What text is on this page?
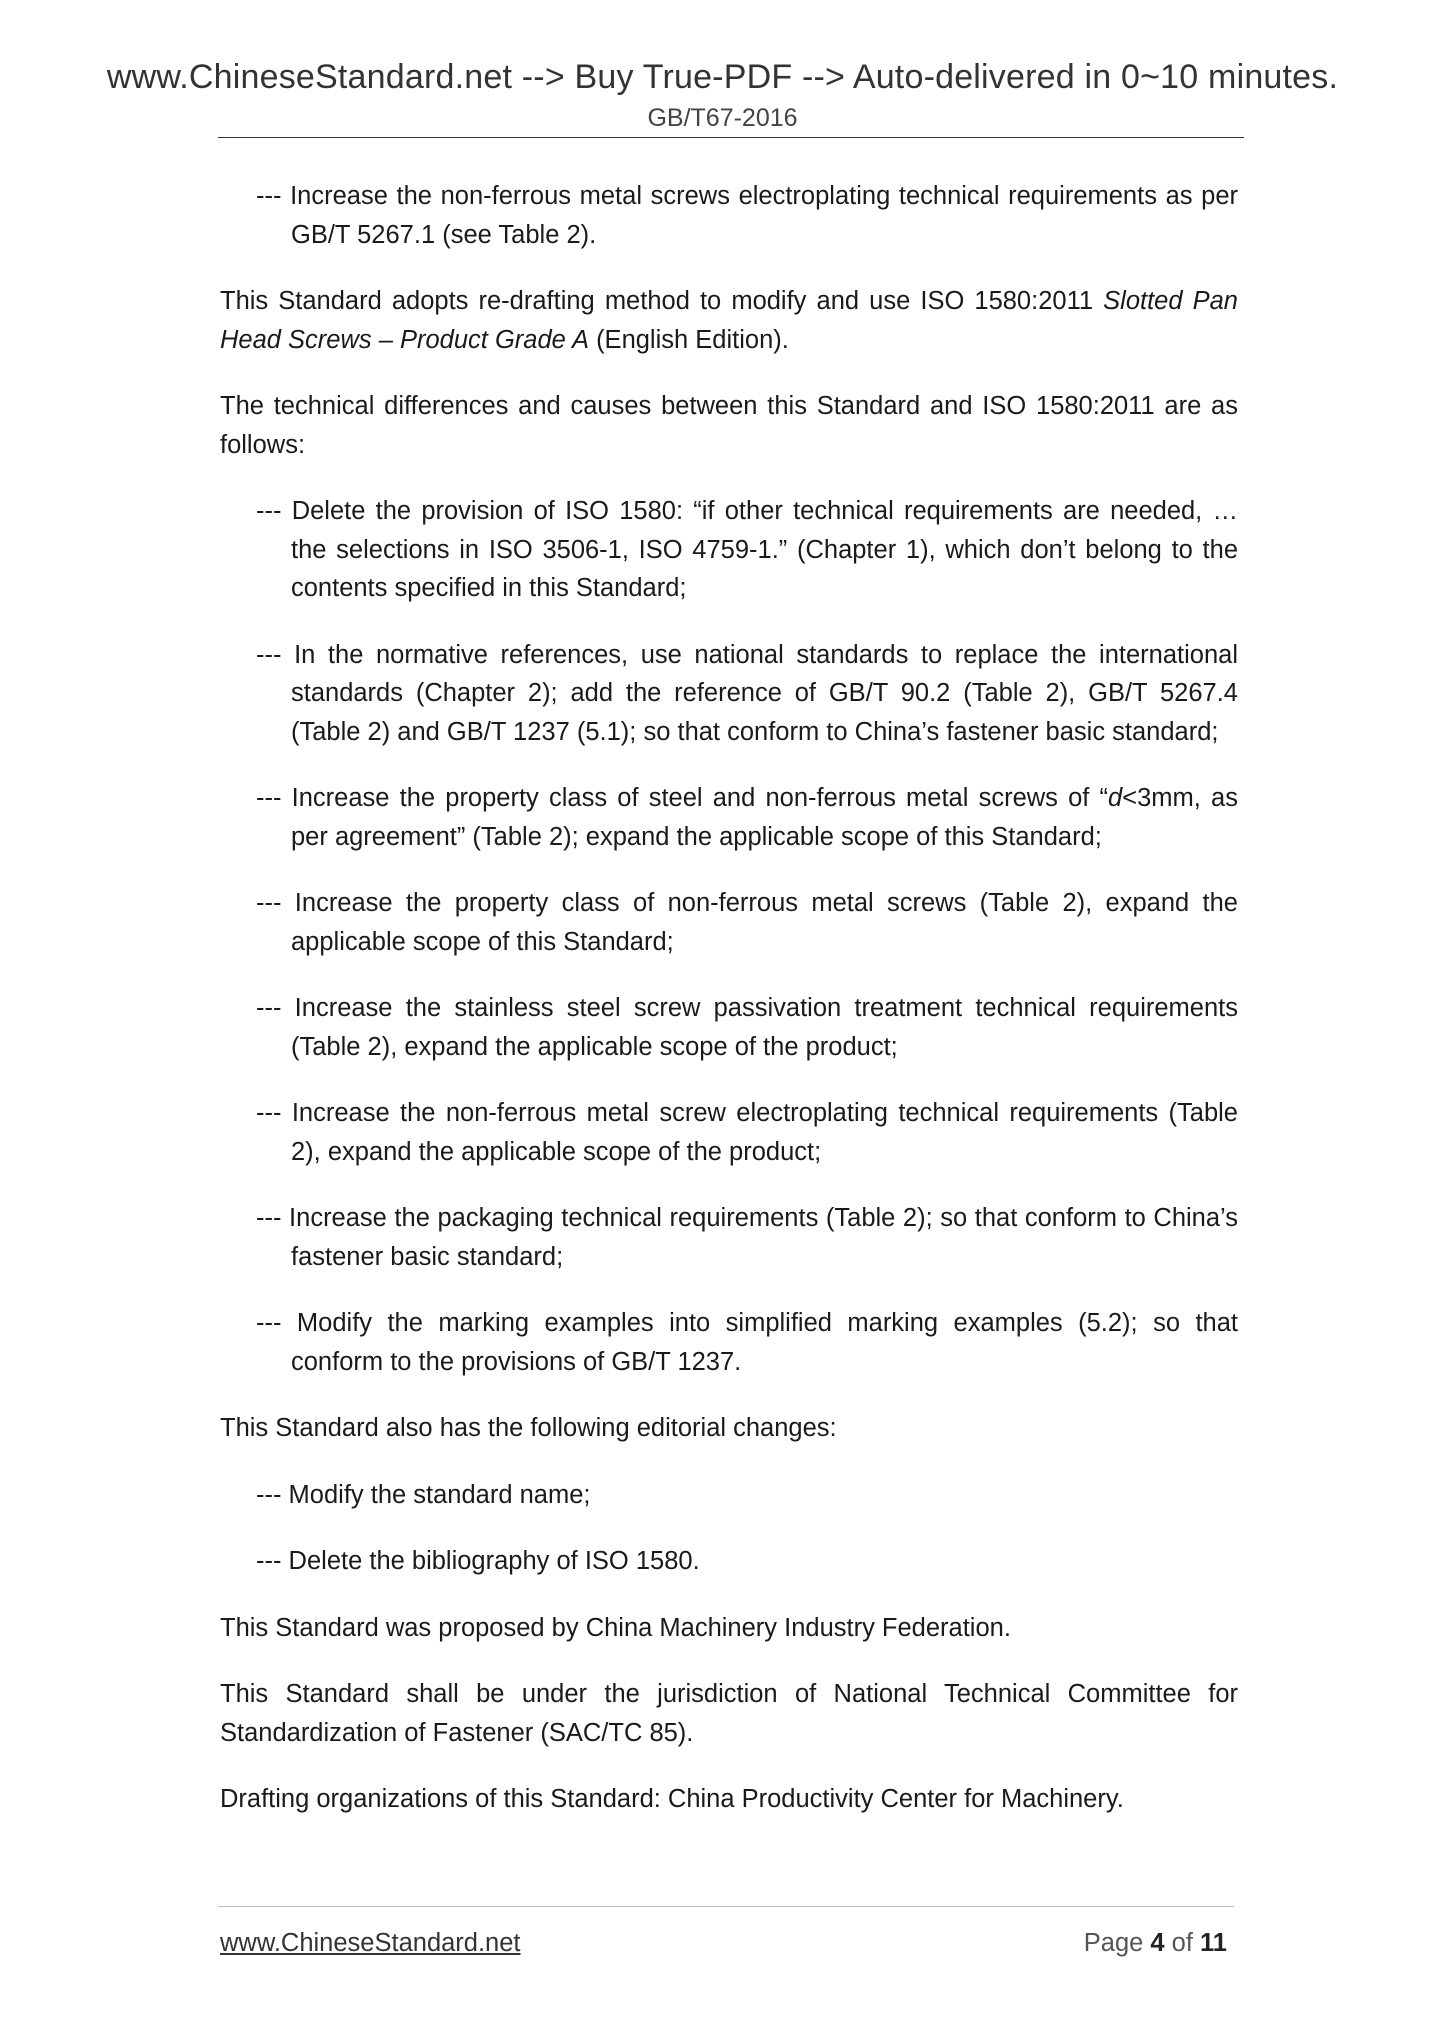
www.ChineseStandard.net --> Buy True-PDF --> Auto-delivered in 0~10 minutes.
GB/T67-2016

--- Increase the non-ferrous metal screws electroplating technical requirements as per GB/T 5267.1 (see Table 2).

This Standard adopts re-drafting method to modify and use ISO 1580:2011 Slotted Pan Head Screws – Product Grade A (English Edition).

The technical differences and causes between this Standard and ISO 1580:2011 are as follows:

--- Delete the provision of ISO 1580: “if other technical requirements are needed, … the selections in ISO 3506-1, ISO 4759-1.” (Chapter 1), which don’t belong to the contents specified in this Standard;

--- In the normative references, use national standards to replace the international standards (Chapter 2); add the reference of GB/T 90.2 (Table 2), GB/T 5267.4 (Table 2) and GB/T 1237 (5.1); so that conform to China’s fastener basic standard;

--- Increase the property class of steel and non-ferrous metal screws of “d<3mm, as per agreement” (Table 2); expand the applicable scope of this Standard;

--- Increase the property class of non-ferrous metal screws (Table 2), expand the applicable scope of this Standard;

--- Increase the stainless steel screw passivation treatment technical requirements (Table 2), expand the applicable scope of the product;

--- Increase the non-ferrous metal screw electroplating technical requirements (Table 2), expand the applicable scope of the product;

--- Increase the packaging technical requirements (Table 2); so that conform to China’s fastener basic standard;

--- Modify the marking examples into simplified marking examples (5.2); so that conform to the provisions of GB/T 1237.

This Standard also has the following editorial changes:

--- Modify the standard name;

--- Delete the bibliography of ISO 1580.

This Standard was proposed by China Machinery Industry Federation.

This Standard shall be under the jurisdiction of National Technical Committee for Standardization of Fastener (SAC/TC 85).

Drafting organizations of this Standard: China Productivity Center for Machinery.

www.ChineseStandard.net	Page 4 of 11
